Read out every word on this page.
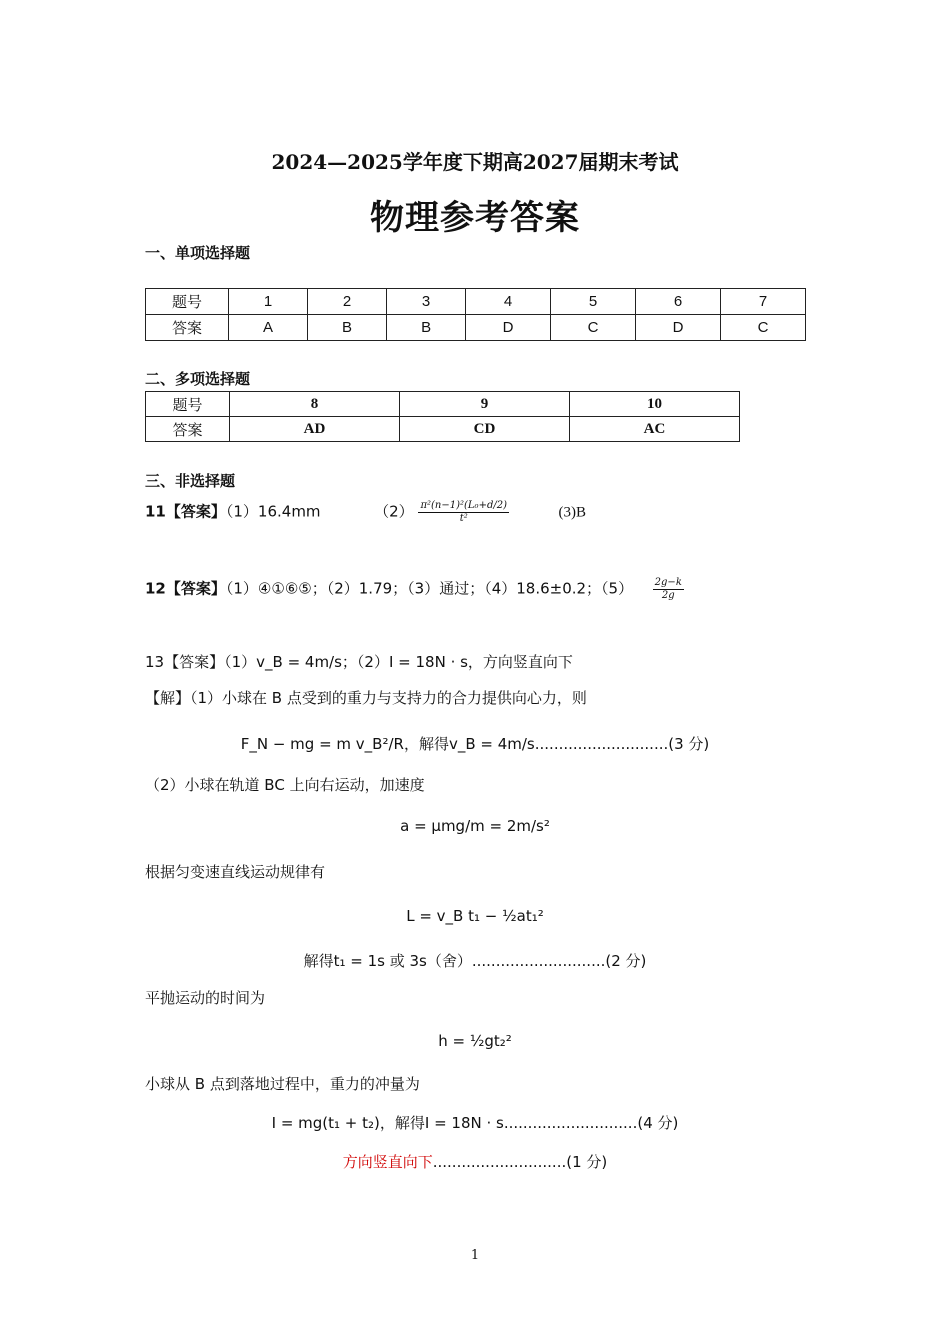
2024—2025学年度下期高2027届期末考试
物理参考答案
一、单项选择题
题号	1	2	3	4	5	6	7
答案	A	B	B	D	C	D	C
二、多项选择题
题号	8	9	10
答案	AD	CD	AC
三、非选择题
11【答案】（1）16.4mm	$(2) \frac{\text{π²(n−1)²(L₀+d/2)}}{\text{t²}}$	(3)B
12【答案】（1）④①⑥⑤；（2）1.79；（3）通过；（4）18.6±0.2；$(5) \frac{2g-k}{2g}$
13【答案】（1）v_B = 4m/s；（2）I = 18N · s，方向竖直向下
【解】（1）小球在 B 点受到的重力与支持力的合力提供向心力，则
F_N − mg = m v_B²/R，解得v_B = 4m/s............................(3 分)
（2）小球在轨道 BC 上向右运动，加速度
a = μmg/m = 2m/s²
根据匀变速直线运动规律有
L = v_B t₁ − ½at₁²
解得t₁ = 1s 或 3s（舍）............................(2 分)
平抛运动的时间为
h = ½gt₂²
小球从 B 点到落地过程中，重力的冲量为
I = mg(t₁ + t₂)，解得I = 18N · s............................(4 分)
方向竖直向下............................(1 分)
1
